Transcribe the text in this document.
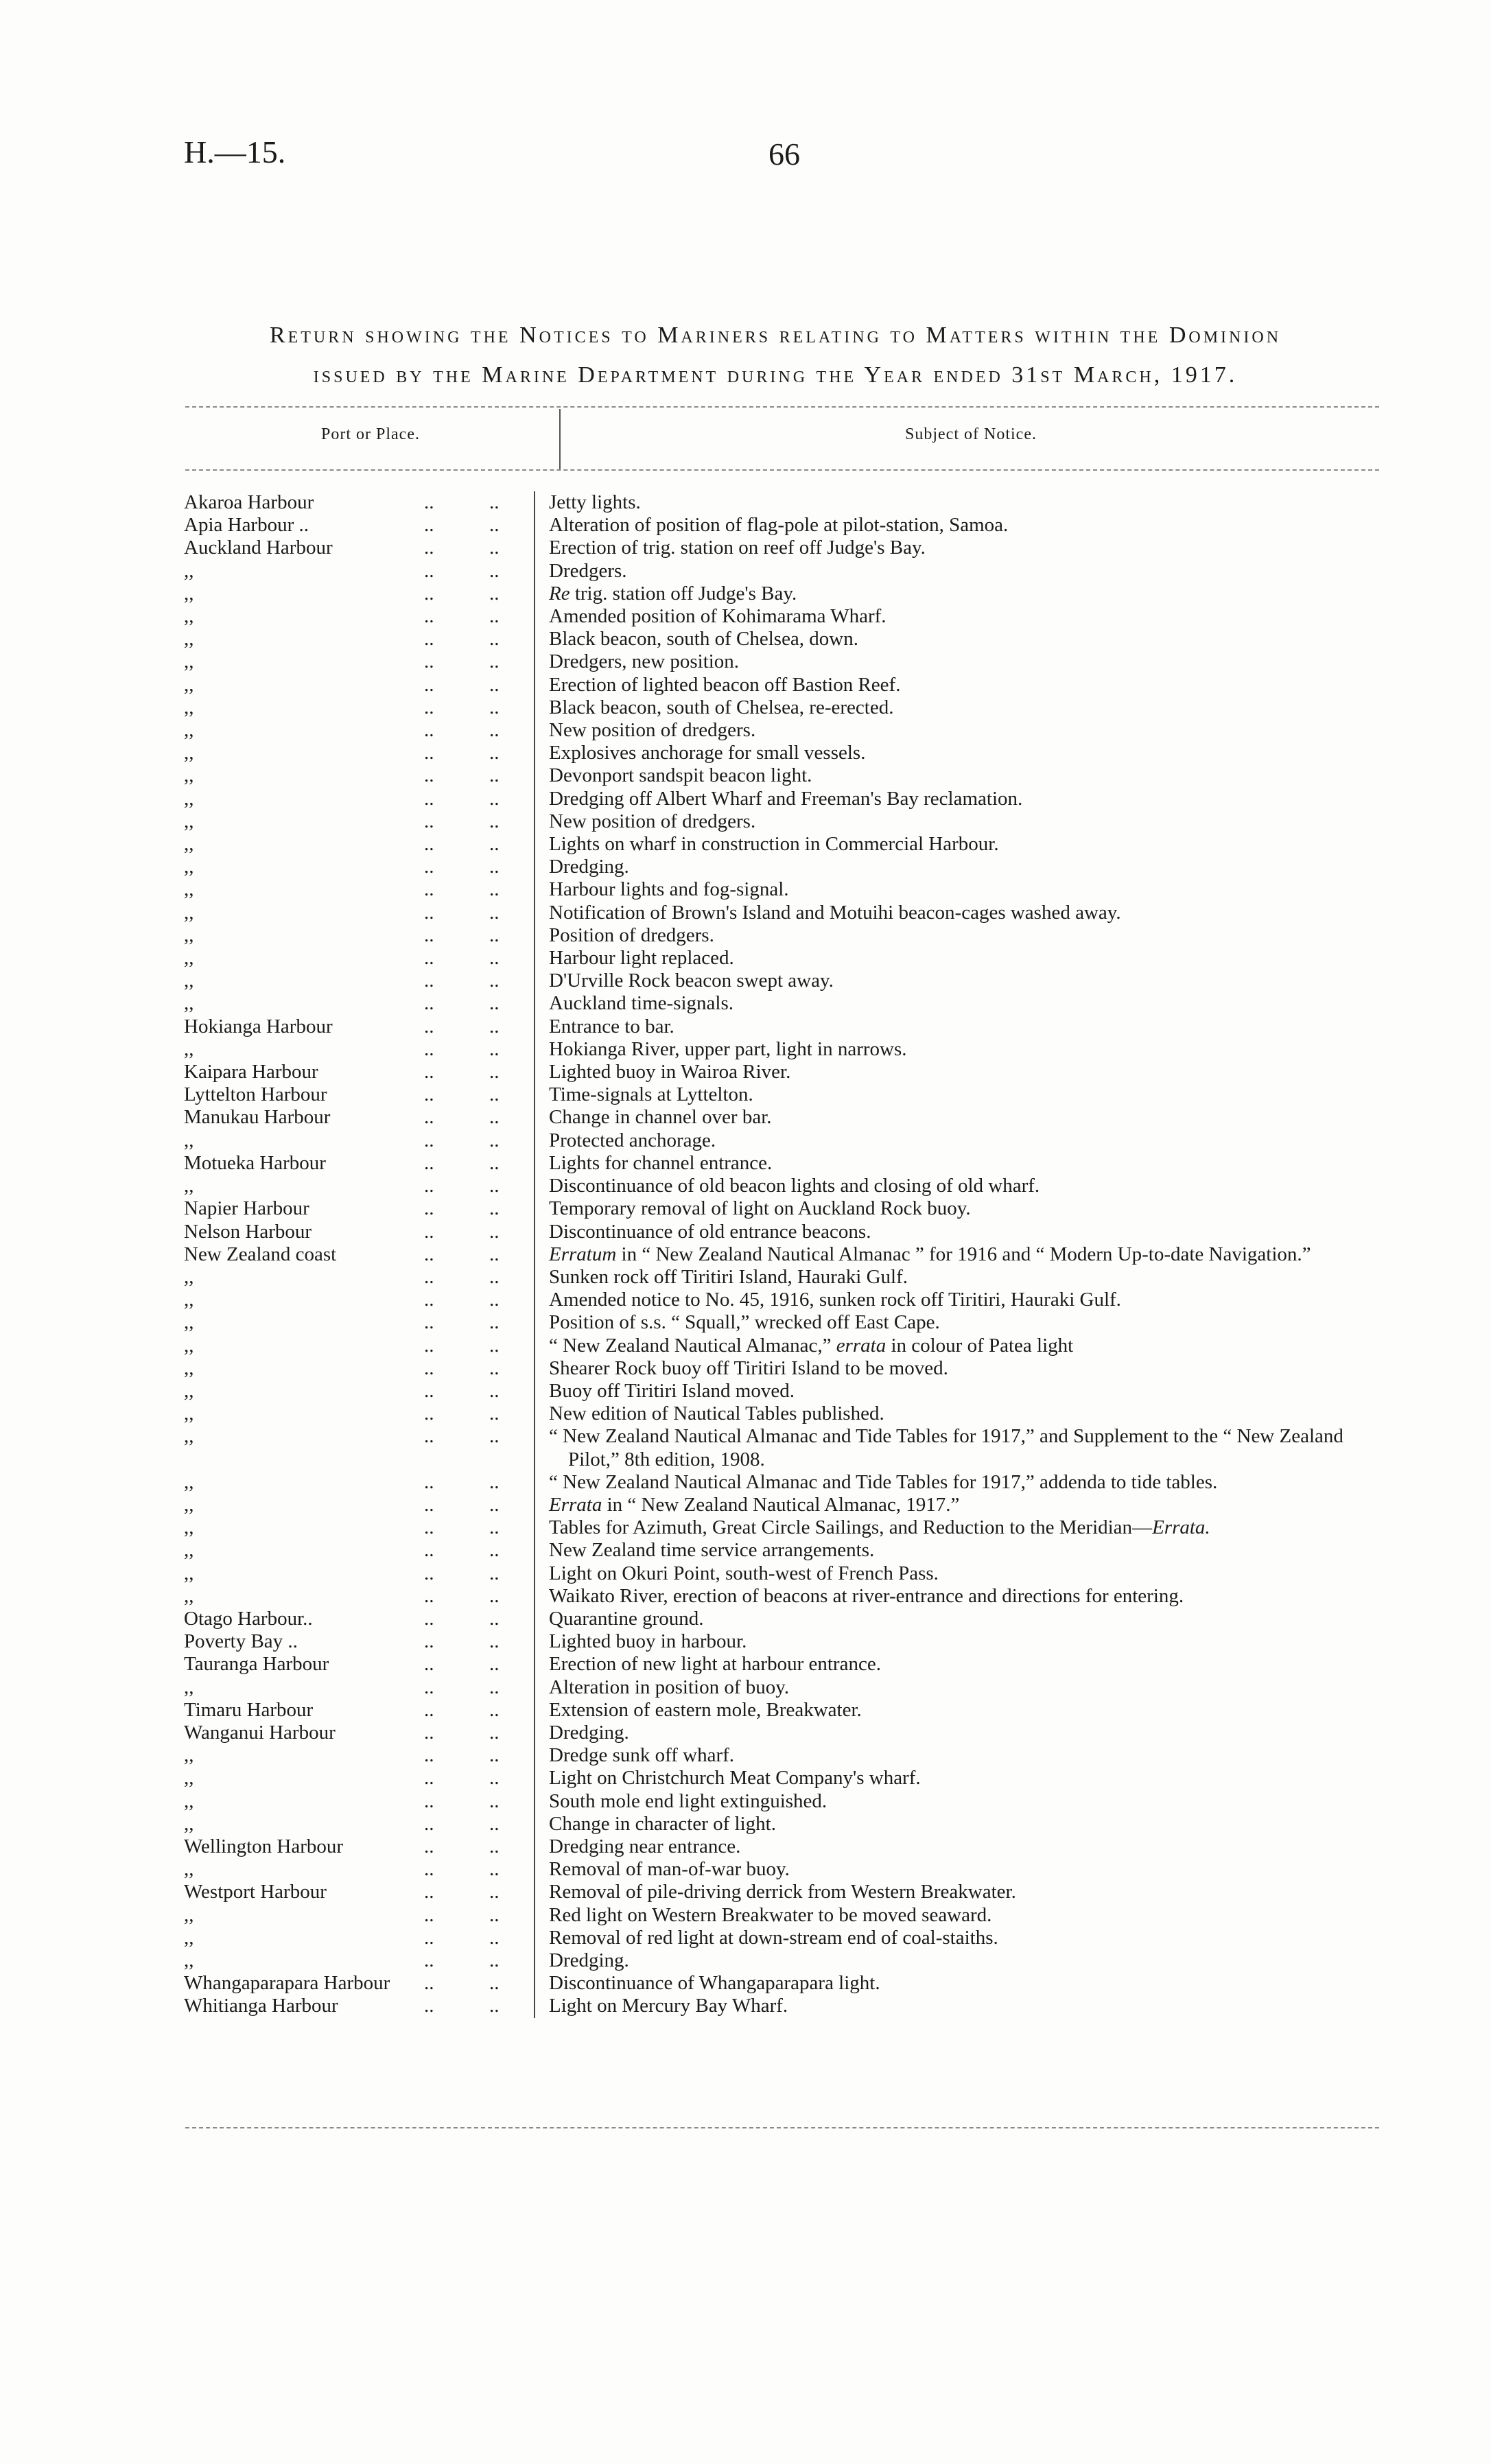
H.—15.	66
Return showing the Notices to Mariners relating to Matters within the Dominion
issued by the Marine Department during the Year ended 31st March, 1917.
Port or Place.	Subject of Notice.
Akaroa Harbour	..	..	Jetty lights.

Apia Harbour ..	..	..	Alteration of position of flag-pole at pilot-station, Samoa.

Auckland Harbour	..	..	Erection of trig. station on reef off Judge's Bay.

,,	..	..	Dredgers.

,,	..	..	Re trig. station off Judge's Bay.

,,	..	..	Amended position of Kohimarama Wharf.

,,	..	..	Black beacon, south of Chelsea, down.

,,	..	..	Dredgers, new position.

,,	..	..	Erection of lighted beacon off Bastion Reef.

,,	..	..	Black beacon, south of Chelsea, re-erected.

,,	..	..	New position of dredgers.

,,	..	..	Explosives anchorage for small vessels.

,,	..	..	Devonport sandspit beacon light.

,,	..	..	Dredging off Albert Wharf and Freeman's Bay reclamation.

,,	..	..	New position of dredgers.

,,	..	..	Lights on wharf in construction in Commercial Harbour.

,,	..	..	Dredging.

,,	..	..	Harbour lights and fog-signal.

,,	..	..	Notification of Brown's Island and Motuihi beacon-cages washed away.

,,	..	..	Position of dredgers.

,,	..	..	Harbour light replaced.

,,	..	..	D'Urville Rock beacon swept away.

,,	..	..	Auckland time-signals.

Hokianga Harbour	..	..	Entrance to bar.

,,	..	..	Hokianga River, upper part, light in narrows.

Kaipara Harbour	..	..	Lighted buoy in Wairoa River.

Lyttelton Harbour	..	..	Time-signals at Lyttelton.

Manukau Harbour	..	..	Change in channel over bar.

,,	..	..	Protected anchorage.

Motueka Harbour	..	..	Lights for channel entrance.

,,	..	..	Discontinuance of old beacon lights and closing of old wharf.

Napier Harbour	..	..	Temporary removal of light on Auckland Rock buoy.

Nelson Harbour	..	..	Discontinuance of old entrance beacons.

New Zealand coast	..	..	Erratum in “ New Zealand Nautical Almanac ” for 1916 and “ Modern Up-to-date Navigation.”

,,	..	..	Sunken rock off Tiritiri Island, Hauraki Gulf.

,,	..	..	Amended notice to No. 45, 1916, sunken rock off Tiritiri, Hauraki Gulf.

,,	..	..	Position of s.s. “ Squall,” wrecked off East Cape.

,,	..	..	“ New Zealand Nautical Almanac,” errata in colour of Patea light

,,	..	..	Shearer Rock buoy off Tiritiri Island to be moved.

,,	..	..	Buoy off Tiritiri Island moved.

,,	..	..	New edition of Nautical Tables published.

,,	..	..	“ New Zealand Nautical Almanac and Tide Tables for 1917,” and Supplement to the “ New Zealand Pilot,” 8th edition, 1908.

,,	..	..	“ New Zealand Nautical Almanac and Tide Tables for 1917,” addenda to tide tables.

,,	..	..	Errata in “ New Zealand Nautical Almanac, 1917.”

,,	..	..	Tables for Azimuth, Great Circle Sailings, and Reduction to the Meridian—Errata.

,,	..	..	New Zealand time service arrangements.

,,	..	..	Light on Okuri Point, south-west of French Pass.

,,	..	..	Waikato River, erection of beacons at river-entrance and directions for entering.

Otago Harbour..	..	..	Quarantine ground.

Poverty Bay ..	..	..	Lighted buoy in harbour.

Tauranga Harbour	..	..	Erection of new light at harbour entrance.

,,	..	..	Alteration in position of buoy.

Timaru Harbour	..	..	Extension of eastern mole, Breakwater.

Wanganui Harbour	..	..	Dredging.

,,	..	..	Dredge sunk off wharf.

,,	..	..	Light on Christchurch Meat Company's wharf.

,,	..	..	South mole end light extinguished.

,,	..	..	Change in character of light.

Wellington Harbour	..	..	Dredging near entrance.

,,	..	..	Removal of man-of-war buoy.

Westport Harbour	..	..	Removal of pile-driving derrick from Western Breakwater.

,,	..	..	Red light on Western Breakwater to be moved seaward.

,,	..	..	Removal of red light at down-stream end of coal-staiths.

,,	..	..	Dredging.

Whangaparapara Harbour	..	..	Discontinuance of Whangaparapara light.

Whitianga Harbour	..	..	Light on Mercury Bay Wharf.
